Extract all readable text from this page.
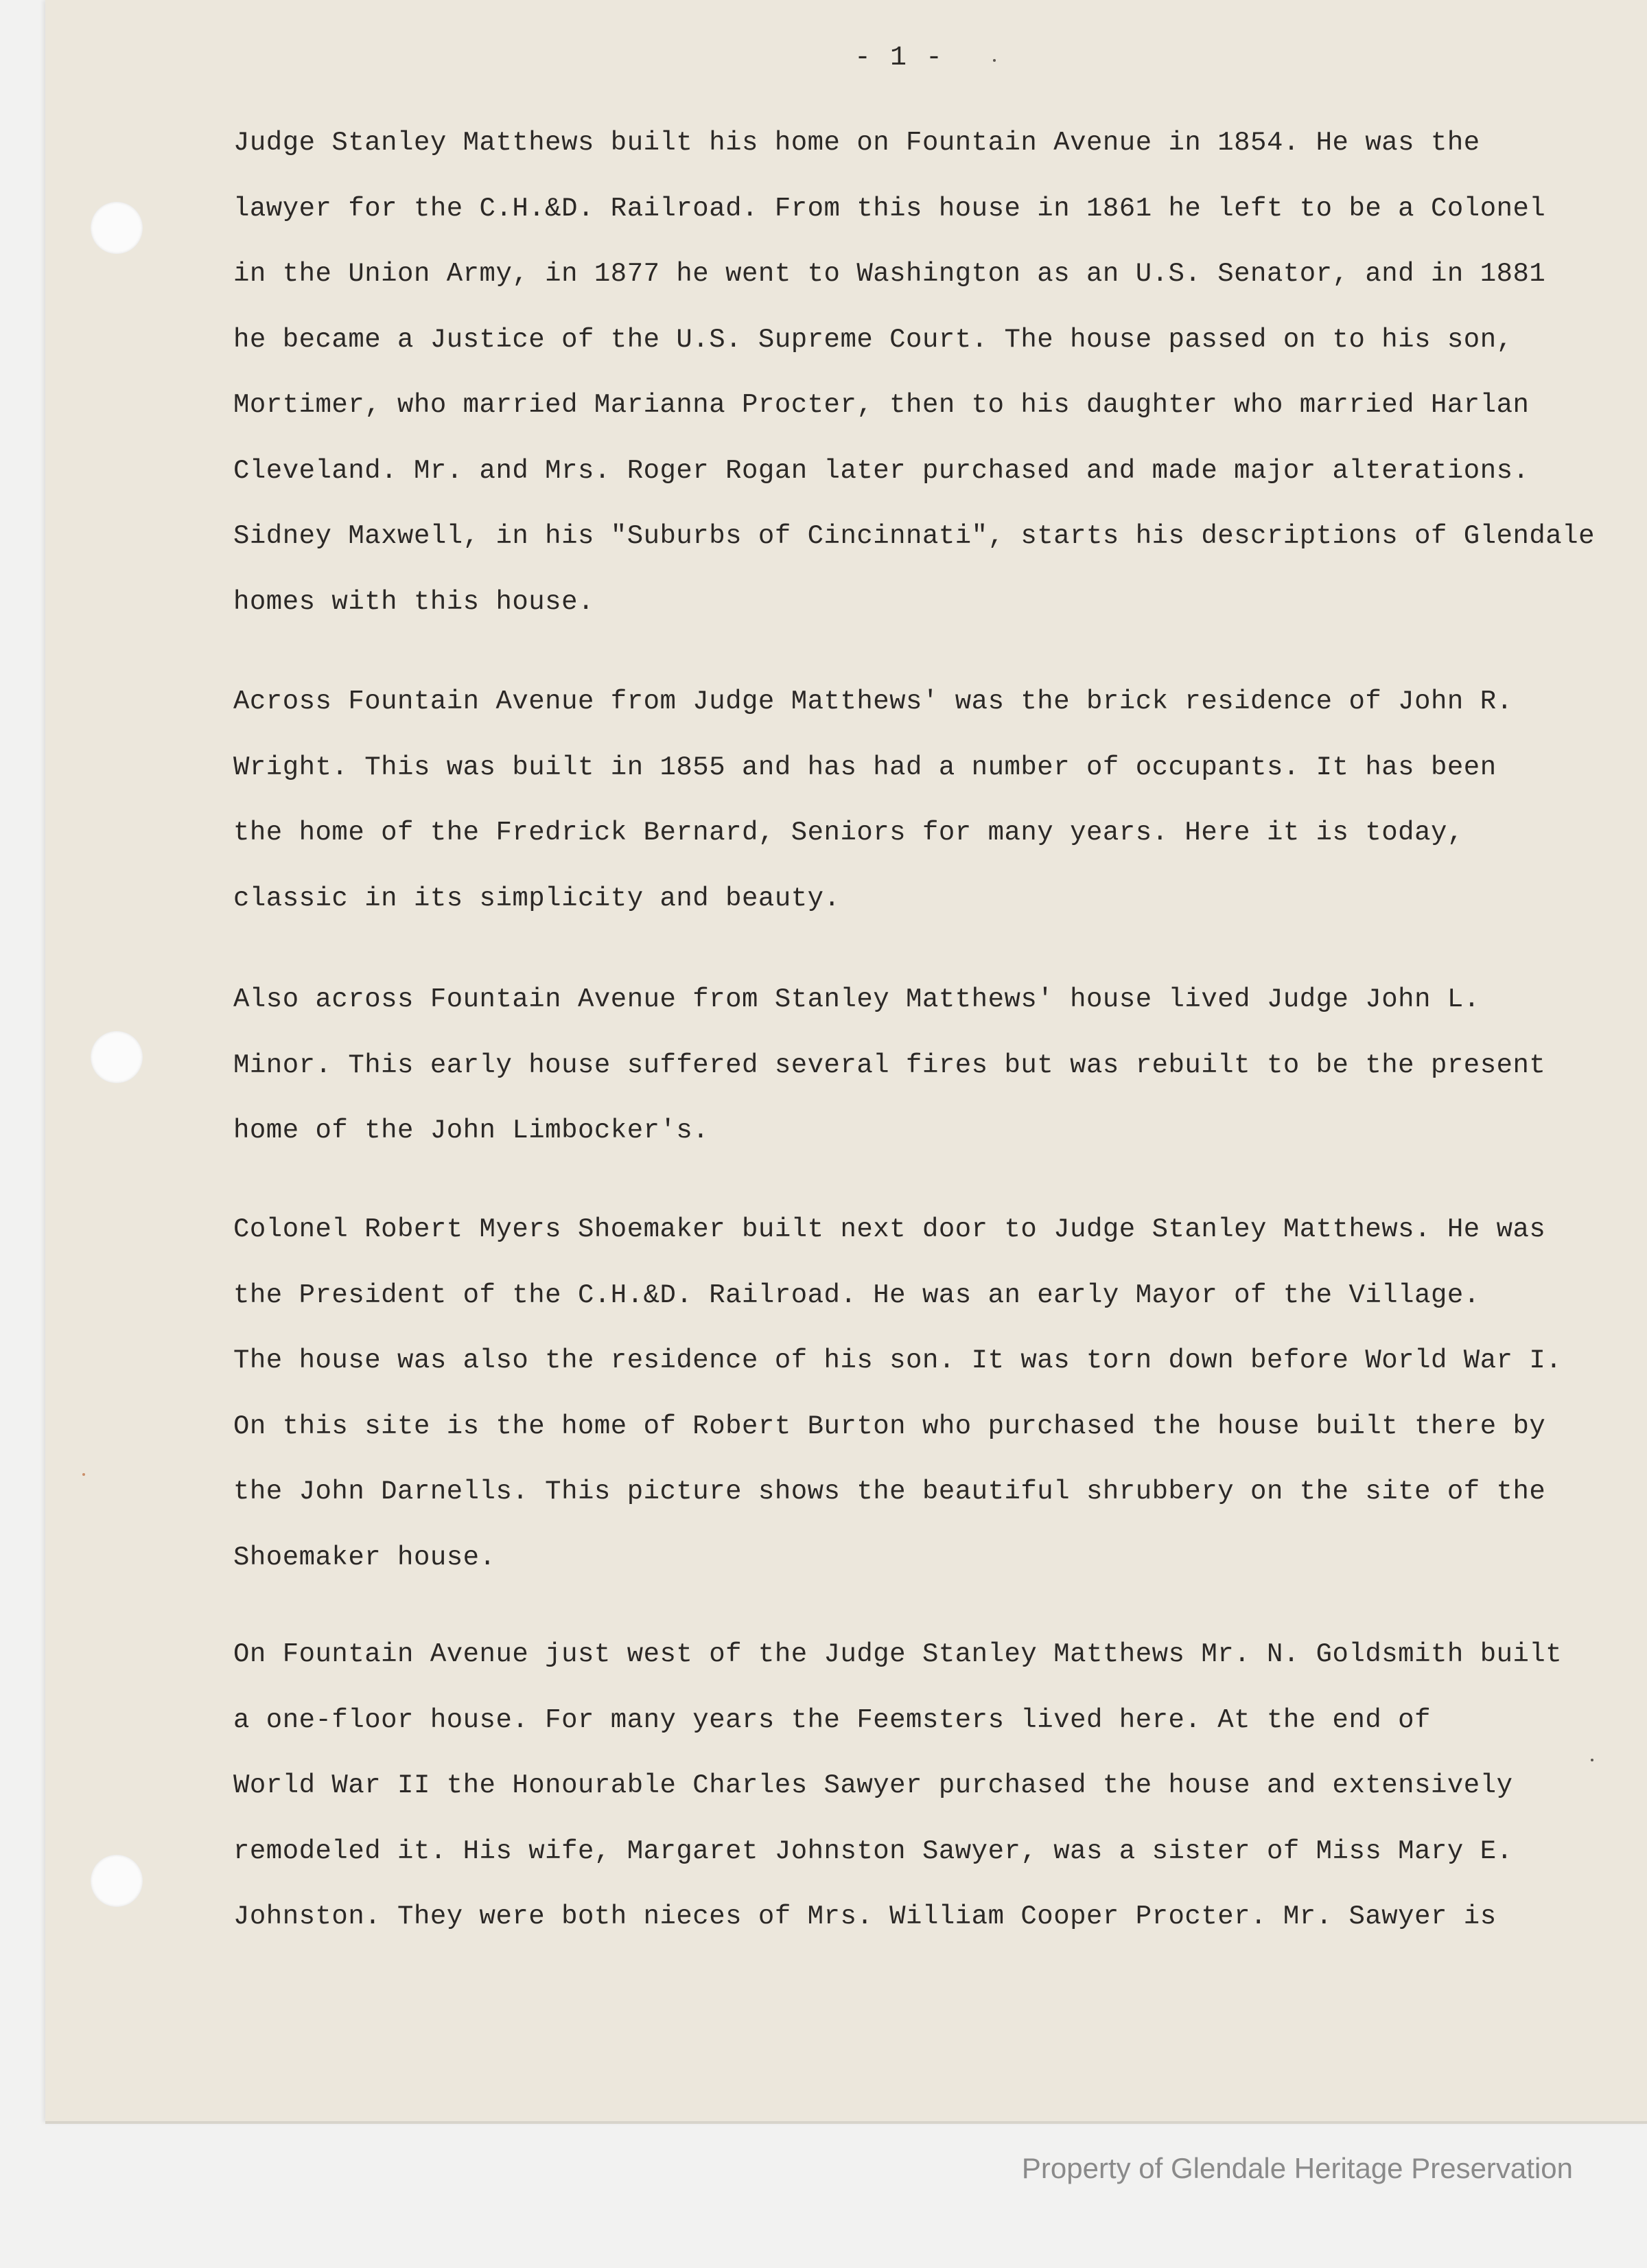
- 1 -
Judge Stanley Matthews built his home on Fountain Avenue in 1854. He was the
lawyer for the C.H.&D. Railroad. From this house in 1861 he left to be a Colonel
in the Union Army, in 1877 he went to Washington as an U.S. Senator, and in 1881
he became a Justice of the U.S. Supreme Court. The house passed on to his son,
Mortimer, who married Marianna Procter, then to his daughter who married Harlan
Cleveland. Mr. and Mrs. Roger Rogan later purchased and made major alterations.
Sidney Maxwell, in his "Suburbs of Cincinnati", starts his descriptions of Glendale
homes with this house.
Across Fountain Avenue from Judge Matthews' was the brick residence of John R.
Wright. This was built in 1855 and has had a number of occupants. It has been
the home of the Fredrick Bernard, Seniors for many years. Here it is today,
classic in its simplicity and beauty.
Also across Fountain Avenue from Stanley Matthews' house lived Judge John L.
Minor. This early house suffered several fires but was rebuilt to be the present
home of the John Limbocker's.
Colonel Robert Myers Shoemaker built next door to Judge Stanley Matthews. He was
the President of the C.H.&D. Railroad. He was an early Mayor of the Village.
The house was also the residence of his son. It was torn down before World War I.
On this site is the home of Robert Burton who purchased the house built there by
the John Darnells. This picture shows the beautiful shrubbery on the site of the
Shoemaker house.
On Fountain Avenue just west of the Judge Stanley Matthews Mr. N. Goldsmith built
a one-floor house. For many years the Feemsters lived here. At the end of
World War II the Honourable Charles Sawyer purchased the house and extensively
remodeled it. His wife, Margaret Johnston Sawyer, was a sister of Miss Mary E.
Johnston. They were both nieces of Mrs. William Cooper Procter. Mr. Sawyer is
Property of Glendale Heritage Preservation
